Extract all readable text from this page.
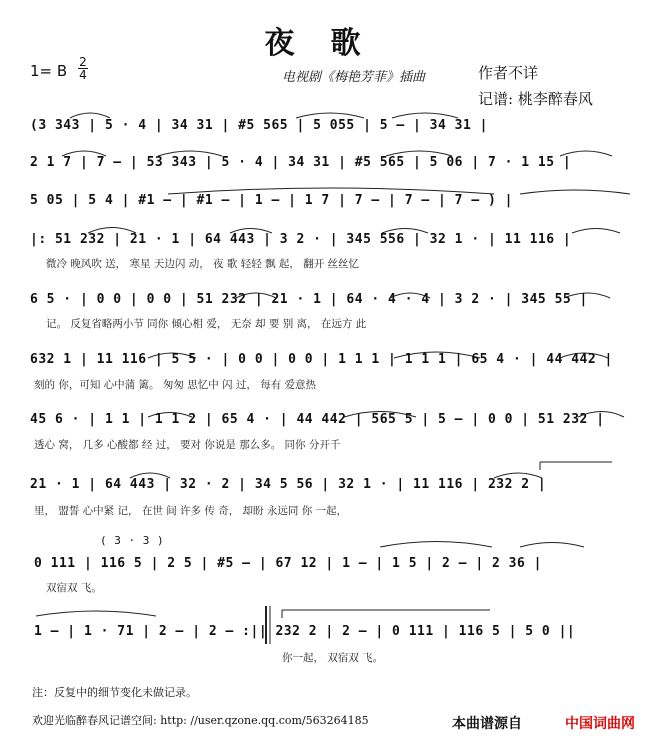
夜歌
1= B 2
4	电视剧《梅艳芳菲》插曲	作者不详
记谱: 桃李醉春风
(3 343 | 5 · 4 | 34 31 | #5 565 | 5 055 | 5 – | 34 31 |
2 1 7 | 7 – | 53 343 | 5 · 4 | 34 31 | #5 565 | 5 06 | 7 · 1 15 |
5 05 | 5 4 | #1 – | #1 – | 1 – | 1 7 | 7 – | 7 – | 7 – ) |
|: 51 232 | 21 · 1 | 64 443 | 3 2 · | 345 556 | 32 1 · | 11 116 |
微冷 晚风吹 送， 寒星 天边闪 动， 夜 歌 轻轻 飘 起， 翻开 丝丝忆
6 5 · | 0 0 | 0 0 | 51 232 | 21 · 1 | 64 · 4 · 4 | 3 2 · | 345 55 |
记。 反复省略两小节 同你 倾心相 爱， 无奈 却 要 别 离， 在远方 此
632 1 | 11 116 | 5 5 · | 0 0 | 0 0 | 1 1 1 | 1 1 1 | 65 4 · | 44 442 |
刻的 你，可知 心中蒲 篱。 匆匆 思忆中 闪 过， 每有 爱意热
45 6 · | 1 1 | 1 1 2 | 65 4 · | 44 442 | 565 5 | 5 – | 0 0 | 51 232 |
透心 窝， 几多 心酸都 经 过， 要对 你说是 那么多。 同你 分开千
21 · 1 | 64 443 | 32 · 2 | 34 5 56 | 32 1 · | 11 116 | 232 2 |
里， 盟誓 心中紧 记， 在世 间 许多 传 奇， 却盼 永远同 你 一起，
0 111 | 116 5 | 2 5 | #5 – | 67 12 | 1 – | 1 5 | 2 – | 2 36 |
( 3 · 3 )
双宿双 飞。
1 – | 1 · 71 | 2 – | 2 – :|| 232 2 | 2 – | 0 111 | 116 5 | 5 0 ||
你一起， 双宿双 飞。
注：反复中的细节变化未做记录。
欢迎光临醉春风记谱空间: http: //user.qzone.qq.com/563264185	本曲谱源自	中国词曲网
